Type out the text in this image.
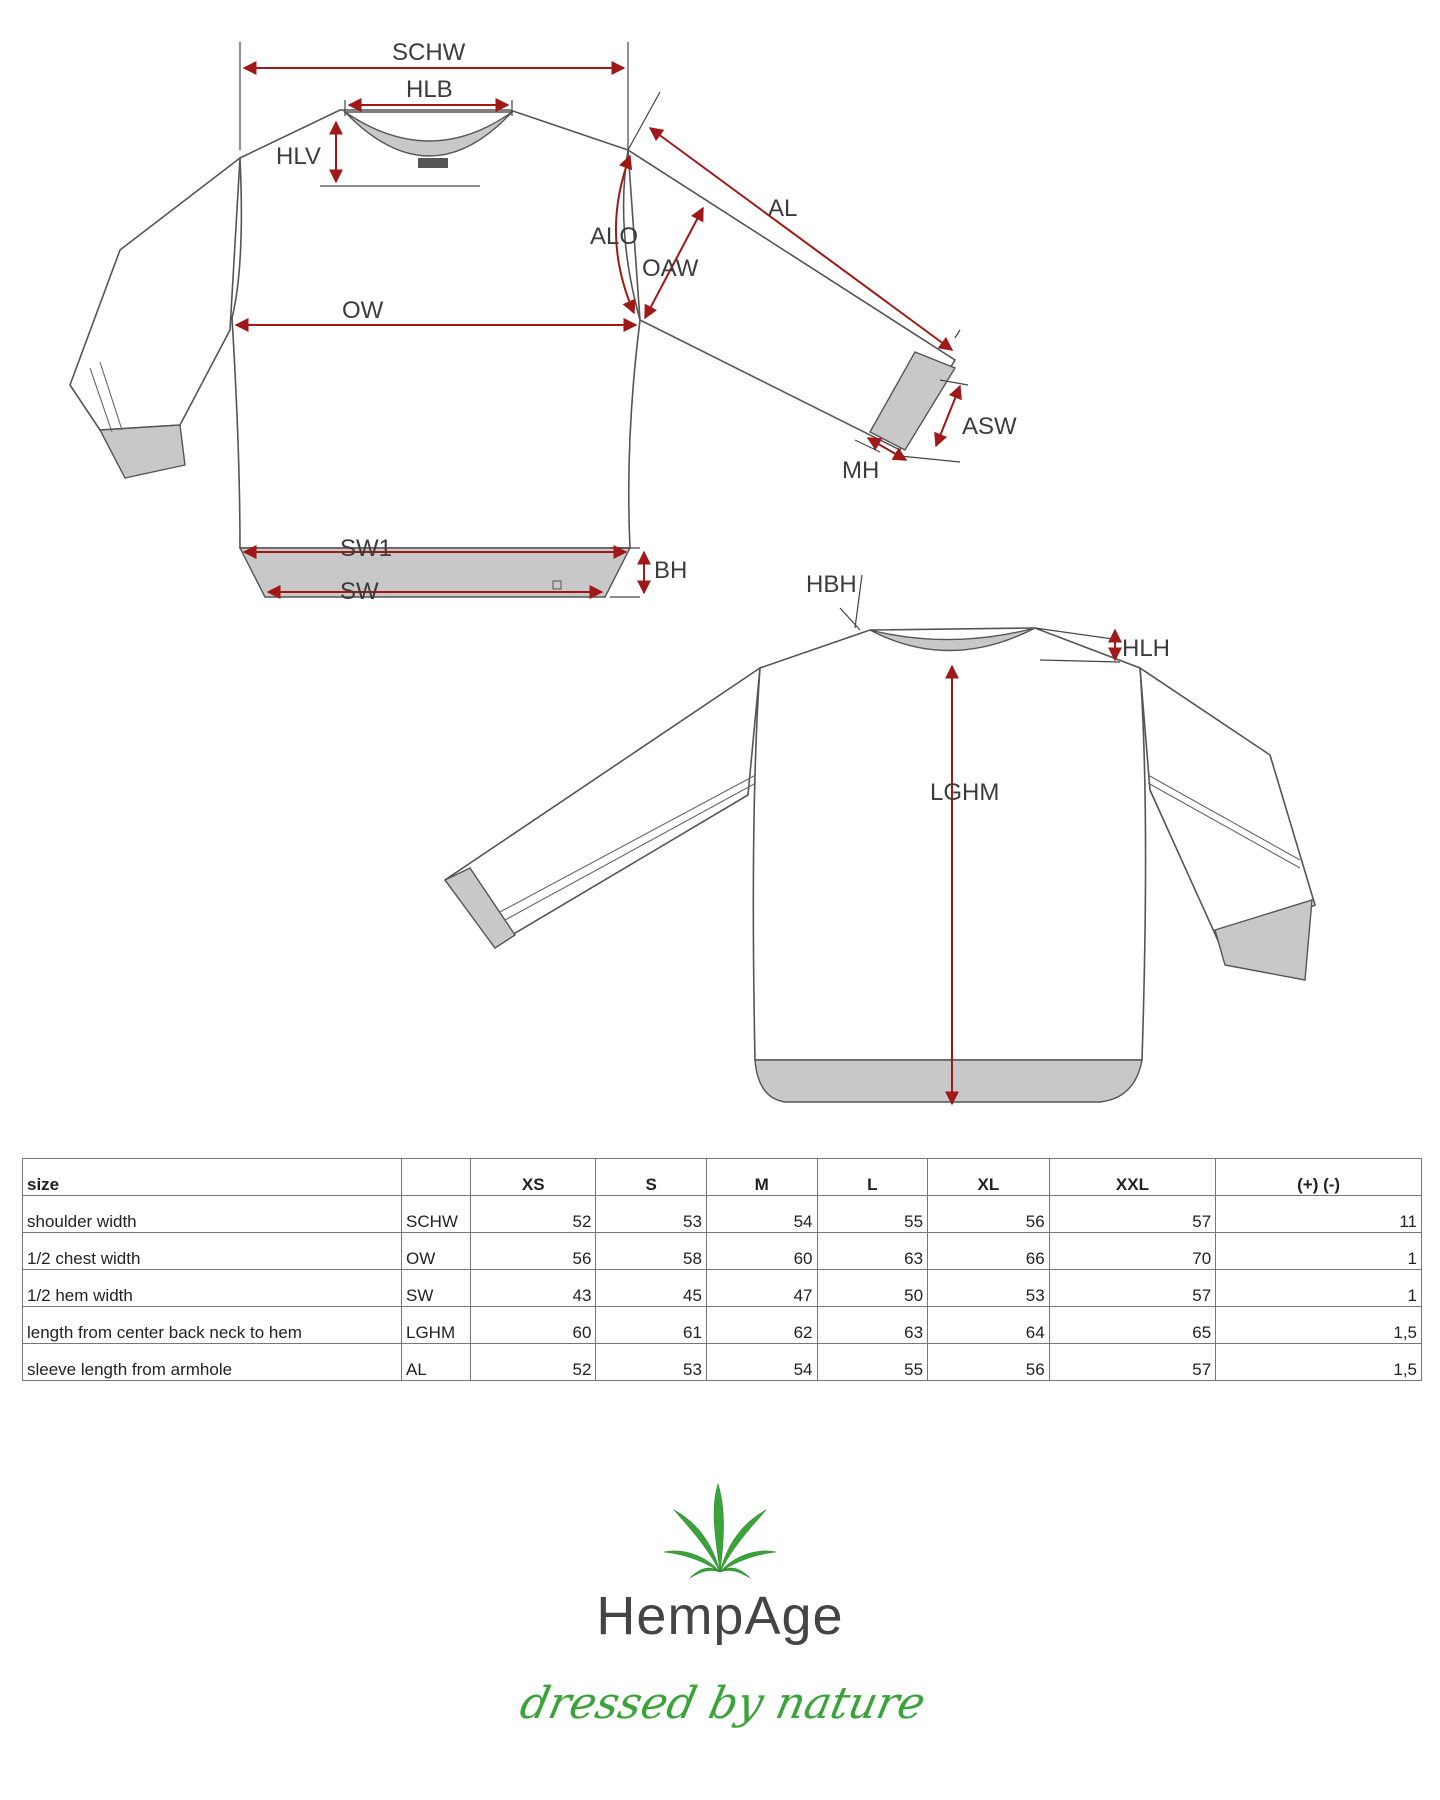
SCHW
HLB
HLV
ALO
AL
OAW
OW
ASW
MH
SW1
SW
BH
HBH
HLH
LGHM
size		XS	S	M	L	XL	XXL	(+) (-)
shoulder width	SCHW	52	53	54	55	56	57	11
1/2 chest width	OW	56	58	60	63	66	70	1
1/2 hem width	SW	43	45	47	50	53	57	1
length from center back neck to hem	LGHM	60	61	62	63	64	65	1,5
sleeve length from armhole	AL	52	53	54	55	56	57	1,5
HempAge
dressed by nature
